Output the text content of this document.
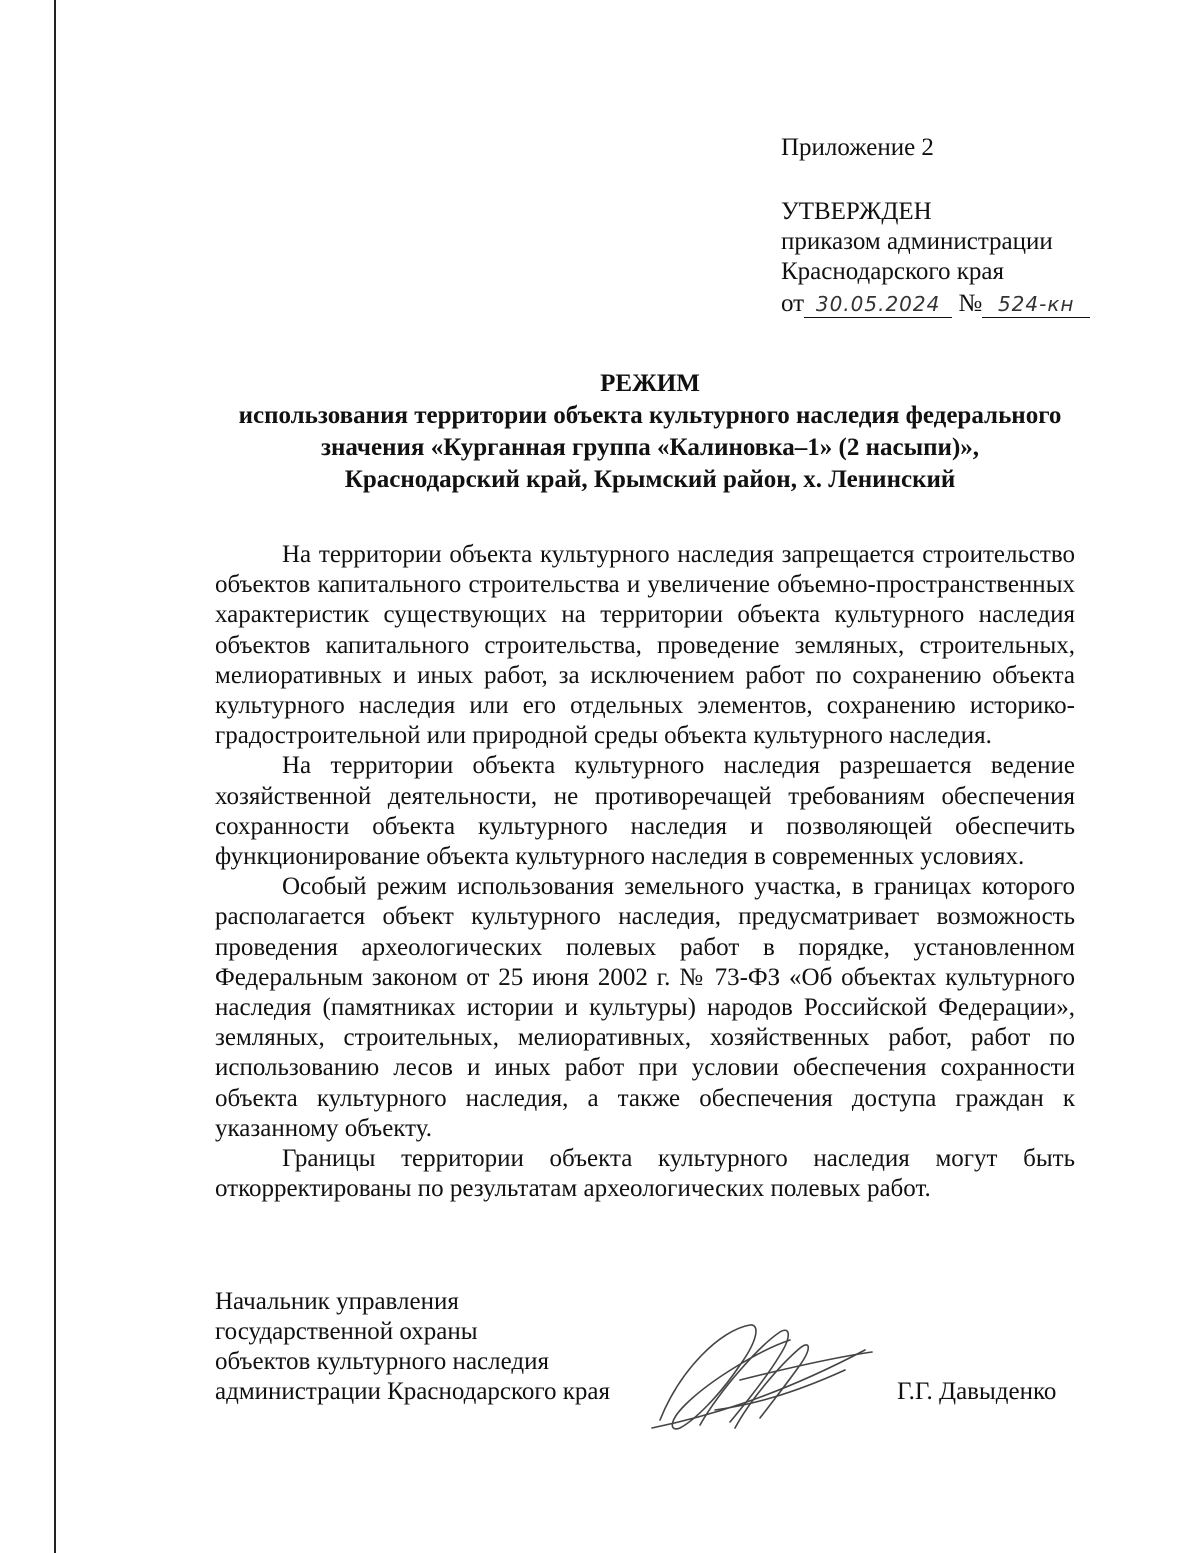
Приложение 2
УТВЕРЖДЕН
приказом администрации
Краснодарского края
от 30.05.2024 № 524-кн
РЕЖИМ
использования территории объекта культурного наследия федерального
значения «Курганная группа «Калиновка–1» (2 насыпи)»,
Краснодарский край, Крымский район, х. Ленинский

На территории объекта культурного наследия запрещается строительство объектов капитального строительства и увеличение объемно-пространственных характеристик существующих на территории объекта культурного наследия объектов капитального строительства, проведение земляных, строительных, мелиоративных и иных работ, за исключением работ по сохранению объекта культурного наследия или его отдельных элементов, сохранению историко-градостроительной или природной среды объекта культурного наследия.

На территории объекта культурного наследия разрешается ведение хозяйственной деятельности, не противоречащей требованиям обеспечения сохранности объекта культурного наследия и позволяющей обеспечить функционирование объекта культурного наследия в современных условиях.

Особый режим использования земельного участка, в границах которого располагается объект культурного наследия, предусматривает возможность проведения археологических полевых работ в порядке, установленном Федеральным законом от 25 июня 2002 г. № 73-ФЗ «Об объектах культурного наследия (памятниках истории и культуры) народов Российской Федерации», земляных, строительных, мелиоративных, хозяйственных работ, работ по использованию лесов и иных работ при условии обеспечения сохранности объекта культурного наследия, а также обеспечения доступа граждан к указанному объекту.

Границы территории объекта культурного наследия могут быть откорректированы по результатам археологических полевых работ.

Начальник управления
государственной охраны
объектов культурного наследия
администрации Краснодарского края	Г.Г. Давыденко
